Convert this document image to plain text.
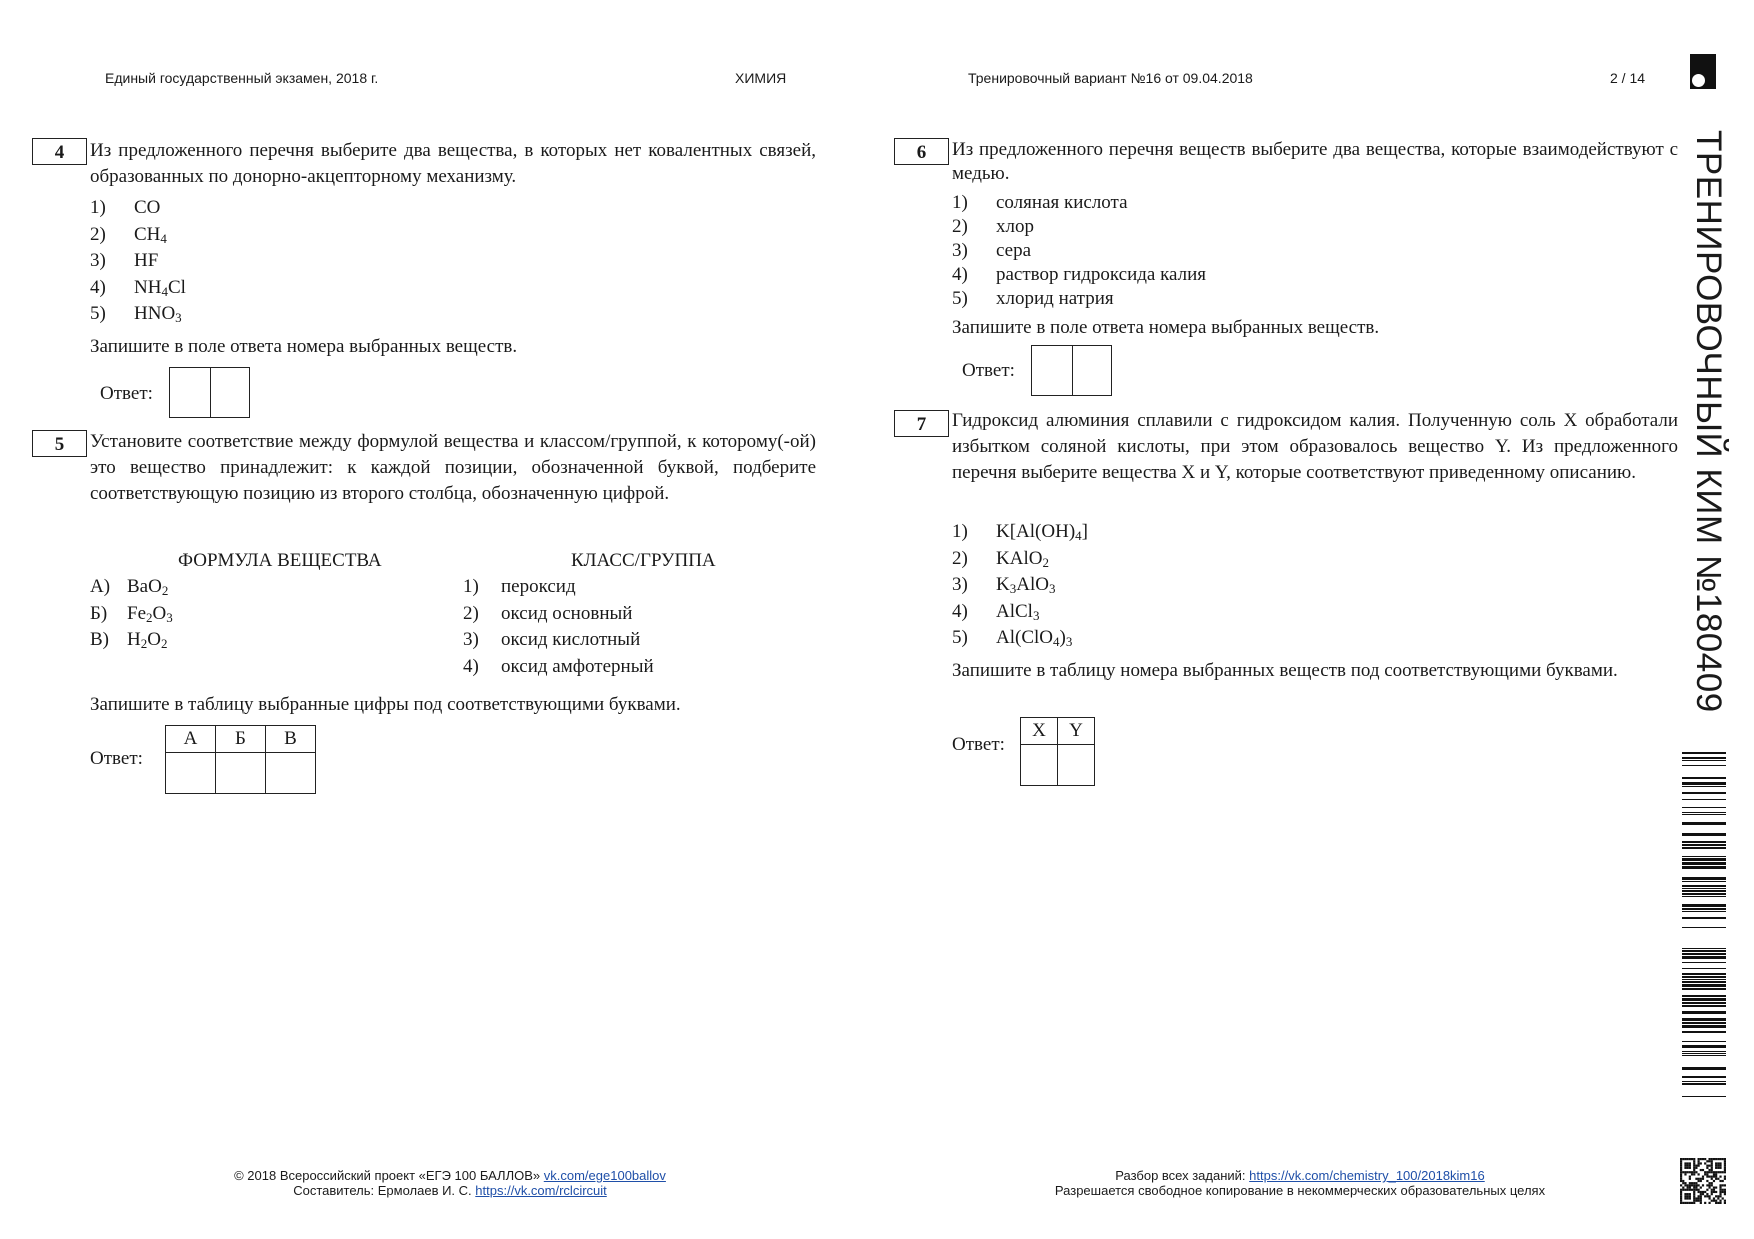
Единый государственный экзамен, 2018 г.	ХИМИЯ	Тренировочный вариант №16 от 09.04.2018	2 / 14
ТРЕНИРОВОЧНЫЙ КИМ №180409
4	Из предложенного перечня выберите два вещества, в которых нет ковалентных связей, образованных по донорно-акцепторному механизму.
1) CO
2) $CH_4$
3) HF
4) $NH_4Cl$
5) $HNO_3$
Запишите в поле ответа номера выбранных веществ.
Ответ:
5	Установите соответствие между формулой вещества и классом/группой, к которому(-ой) это вещество принадлежит: к каждой позиции, обозначенной буквой, подберите соответствующую позицию из второго столбца, обозначенную цифрой.
ФОРМУЛА ВЕЩЕСТВА	КЛАСС/ГРУППА
А) BaO$_2$
Б) $Fe_2O_3$
В) $H_2O_2$
1) пероксид
2) оксид основный
3) оксид кислотный
4) оксид амфотерный
Запишите в таблицу выбранные цифры под соответствующими буквами.
Ответ:
А	Б	В

6	Из предложенного перечня веществ выберите два вещества, которые взаимодействуют с медью.
1) соляная кислота
2) хлор
3) сера
4) раствор гидроксида калия
5) хлорид натрия
Запишите в поле ответа номера выбранных веществ.
Ответ:
7	Гидроксид алюминия сплавили с гидроксидом калия. Полученную соль X обработали избытком соляной кислоты, при этом образовалось вещество Y. Из предложенного перечня выберите вещества X и Y, которые соответствуют приведенному описанию.
1) $K[Al(OH)_4]$
2) KAlO$_2$
3) $K_3AlO_3$
4) AlCl$_3$
5) $Al(ClO_4)_3$
Запишите в таблицу номера выбранных веществ под соответствующими буквами.
Ответ:
X	Y

© 2018 Всероссийский проект «ЕГЭ 100 БАЛЛОВ» vk.com/ege100ballov
Составитель: Ермолаев И. С. https://vk.com/rclcircuit
Разбор всех заданий: https://vk.com/chemistry_100/2018kim16
Разрешается свободное копирование в некоммерческих образовательных целях
